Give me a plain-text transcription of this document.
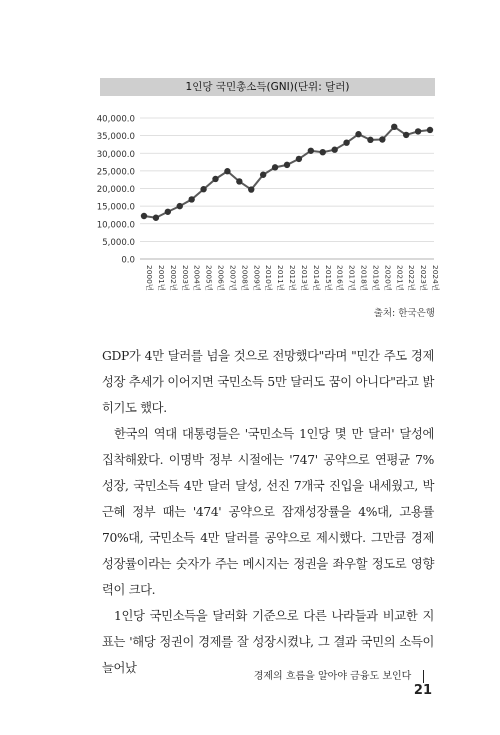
1인당 국민총소득(GNI)(단위: 달러)
0.0
5,000.0
10,000.0
15,000.0
20,000.0
25,000.0
30,000.0
35,000.0
40,000.0
2000년 2001년 2002년 2003년 2004년 2005년 2006년 2007년 2008년 2009년 2010년 2011년 2012년 2013년 2014년 2015년 2016년 2017년 2018년 2019년 2020년 2021년 2022년 2023년 2024년
출처: 한국은행

GDP가 4만 달러를 넘을 것으로 전망했다"라며 "민간 주도 경제 성장 추세가 이어지면 국민소득 5만 달러도 꿈이 아니다"라고 밝히기도 했다.

한국의 역대 대통령들은 '국민소득 1인당 몇 만 달러' 달성에 집착해왔다. 이명박 정부 시절에는 '747' 공약으로 연평균 7% 성장, 국민소득 4만 달러 달성, 선진 7개국 진입을 내세웠고, 박근혜 정부 때는 '474' 공약으로 잠재성장률을 4%대, 고용률 70%대, 국민소득 4만 달러를 공약으로 제시했다. 그만큼 경제 성장률이라는 숫자가 주는 메시지는 정권을 좌우할 정도로 영향력이 크다.

1인당 국민소득을 달러화 기준으로 다른 나라들과 비교한 지표는 '해당 정권이 경제를 잘 성장시켰냐, 그 결과 국민의 소득이 늘어났

경제의 흐름을 알아야 금융도 보인다  21
